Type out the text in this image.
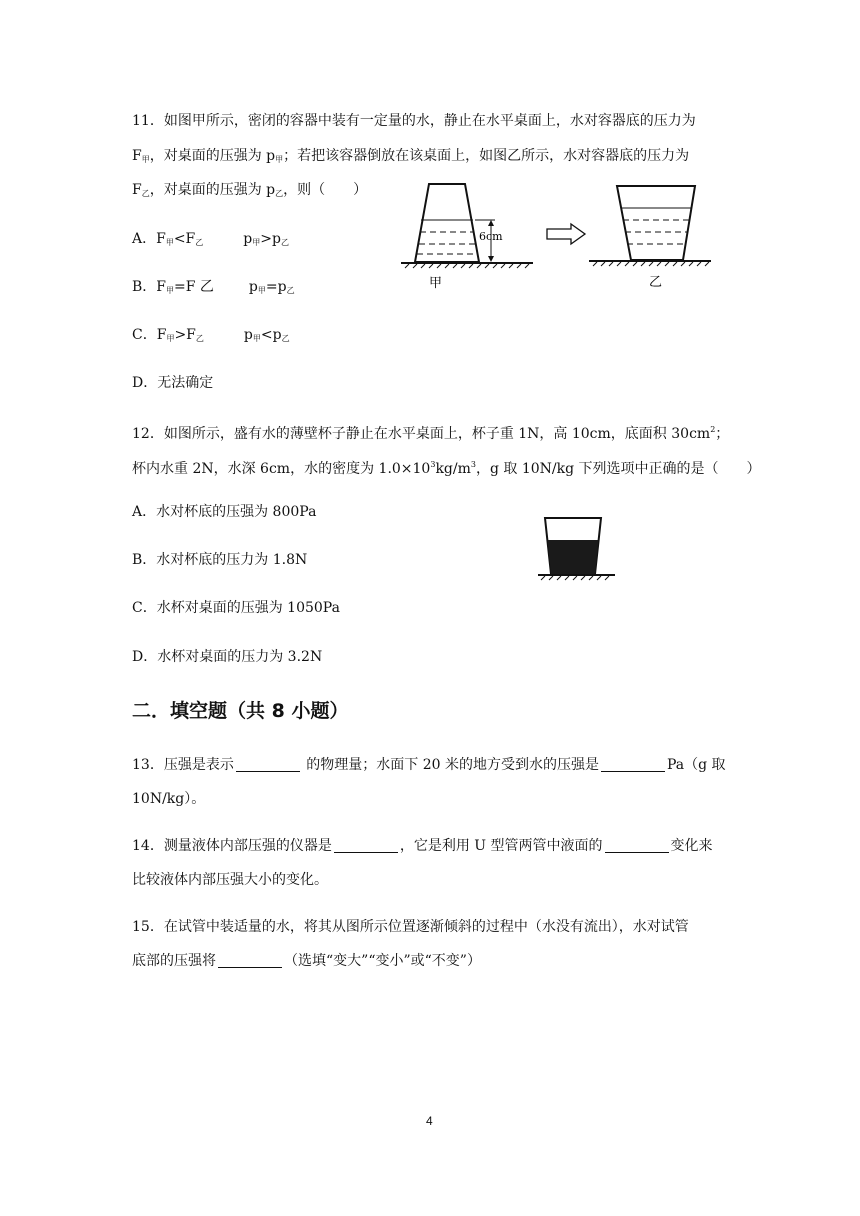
11．如图甲所示，密闭的容器中装有一定量的水，静止在水平桌面上，水对容器底的压力为
$F_甲$，对桌面的压强为 $p_甲$；若把该容器倒放在该桌面上，如图乙所示，水对容器底的压力为
$F_乙$，对桌面的压强为 $p_乙$，则（　　）
A．$F_甲<F_乙$	$p_甲>p_乙$
B．$F_甲=F$ 乙	$p_甲=p_乙$
C．$F_甲>F_乙$	$p_甲<p_乙$
D．无法确定
6cm
甲	乙
12．如图所示，盛有水的薄壁杯子静止在水平桌面上，杯子重 1N，高 10cm，底面积 $30cm^2$；
杯内水重 2N，水深 6cm，水的密度为 $1.0\times 10^3kg/m^3$，g 取 10N/kg 下列选项中正确的是（　　）
A．水对杯底的压强为 800Pa
B．水对杯底的压力为 1.8N
C．水杯对桌面的压强为 1050Pa
D．水杯对桌面的压力为 3.2N
二．填空题（共 8 小题）
13．压强是表示	的物理量；水面下 20 米的地方受到水的压强是	Pa（g 取
10N/kg）。
14．测量液体内部压强的仪器是	，它是利用 U 型管两管中液面的	变化来
比较液体内部压强大小的变化。
15．在试管中装适量的水，将其从图所示位置逐渐倾斜的过程中（水没有流出），水对试管
底部的压强将	（选填“变大”“变小”或“不变”）
4
